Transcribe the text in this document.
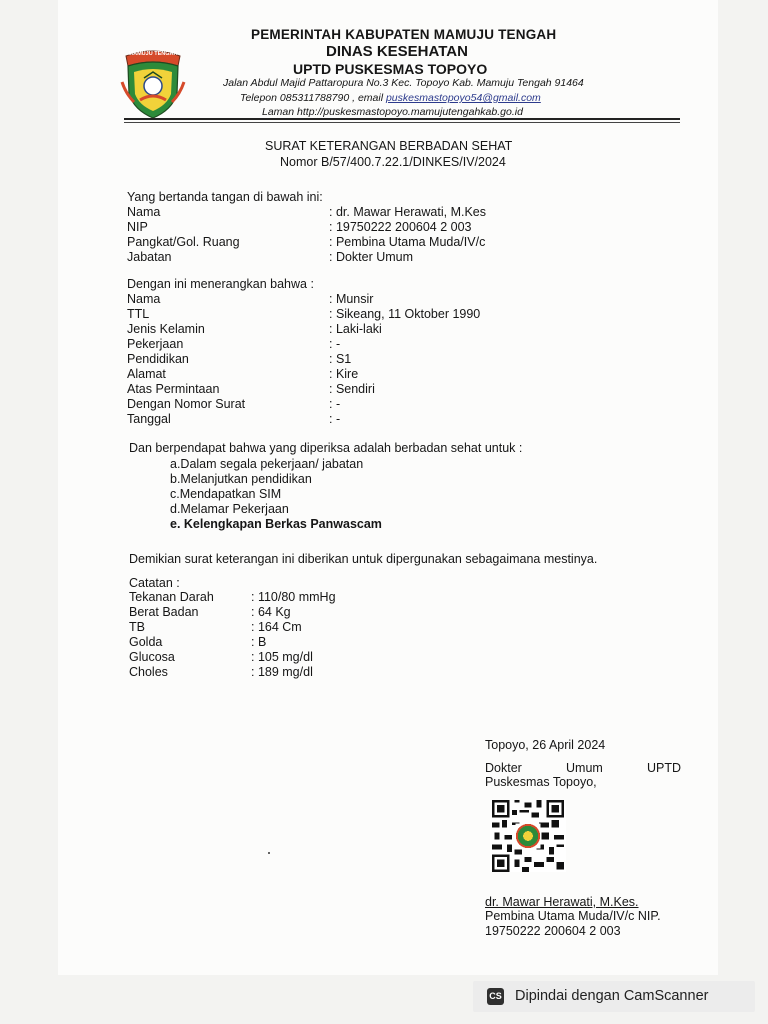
MAMUJU TENGAH
PEMERINTAH KABUPATEN MAMUJU TENGAH
DINAS KESEHATAN
UPTD PUSKESMAS TOPOYO
Jalan Abdul Majid Pattaropura No.3 Kec. Topoyo Kab. Mamuju Tengah 91464
Telepon 085311788790 , email puskesmastopoyo54@gmail.com
Laman http://puskesmastopoyo.mamujutengahkab.go.id
SURAT KETERANGAN BERBADAN SEHAT
Nomor B/57/400.7.22.1/DINKES/IV/2024
Yang bertanda tangan di bawah ini:
Nama	: dr. Mawar Herawati, M.Kes
NIP	: 19750222 200604 2 003
Pangkat/Gol. Ruang	: Pembina Utama Muda/IV/c
Jabatan	: Dokter Umum
Dengan ini menerangkan bahwa :
Nama	: Munsir
TTL	: Sikeang, 11 Oktober 1990
Jenis Kelamin	: Laki-laki
Pekerjaan	: -
Pendidikan	: S1
Alamat	: Kire
Atas Permintaan	: Sendiri
Dengan Nomor Surat	: -
Tanggal	: -
Dan berpendapat bahwa yang diperiksa adalah berbadan sehat untuk :
a.Dalam segala pekerjaan/ jabatan
b.Melanjutkan pendidikan
c.Mendapatkan SIM
d.Melamar Pekerjaan
e. Kelengkapan Berkas Panwascam
Demikian surat keterangan ini diberikan untuk dipergunakan sebagaimana mestinya.
Catatan :
Tekanan Darah	: 110/80 mmHg
Berat Badan	: 64 Kg
TB	: 164 Cm
Golda	: B
Glucosa	: 105 mg/dl
Choles	: 189 mg/dl
Topoyo, 26 April 2024
Dokter	Umum	UPTD
Puskesmas Topoyo,
dr. Mawar Herawati, M.Kes.
Pembina Utama Muda/IV/c NIP.
19750222 200604 2 003
CS Dipindai dengan CamScanner
